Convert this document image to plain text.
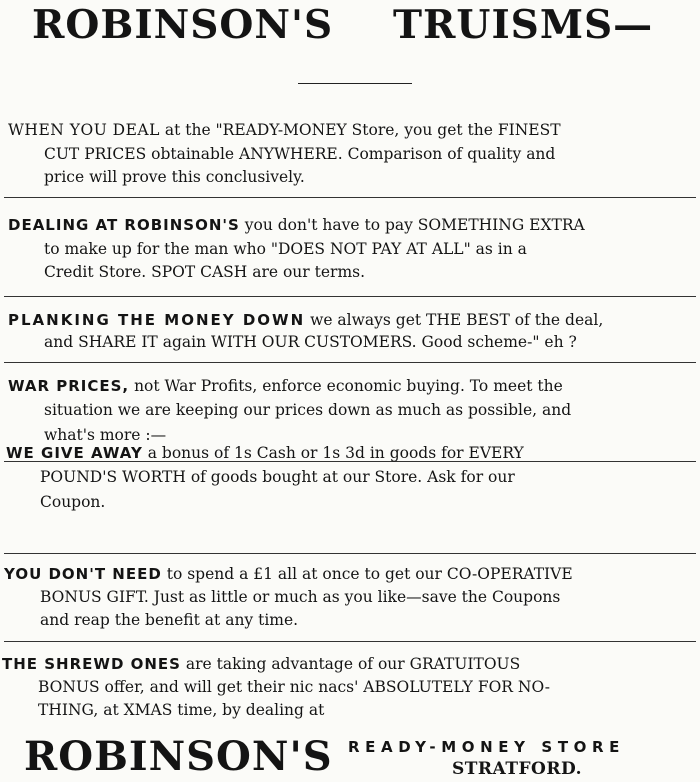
ROBINSON'S TRUISMS—
WHEN YOU DEAL at the "READY-MONEY Store, you get the FINEST
CUT PRICES obtainable ANYWHERE. Comparison of quality and
price will prove this conclusively.
DEALING AT ROBINSON'S you don't have to pay SOMETHING EXTRA
to make up for the man who "DOES NOT PAY AT ALL" as in a
Credit Store. SPOT CASH are our terms.
PLANKING THE MONEY DOWN we always get THE BEST of the deal,
and SHARE IT again WITH OUR CUSTOMERS. Good scheme-" eh ?
WAR PRICES, not War Profits, enforce economic buying. To meet the
situation we are keeping our prices down as much as possible, and
what's more :—
WE GIVE AWAY a bonus of 1s Cash or 1s 3d in goods for EVERY
POUND'S WORTH of goods bought at our Store. Ask for our
Coupon.
YOU DON'T NEED to spend a £1 all at once to get our CO-OPERATIVE
BONUS GIFT. Just as little or much as you like—save the Coupons
and reap the benefit at any time.
THE SHREWD ONES are taking advantage of our GRATUITOUS
BONUS offer, and will get their nic nacs' ABSOLUTELY FOR NO-
THING, at XMAS time, by dealing at
ROBINSON'S READY-MONEY STORE
STRATFORD.
